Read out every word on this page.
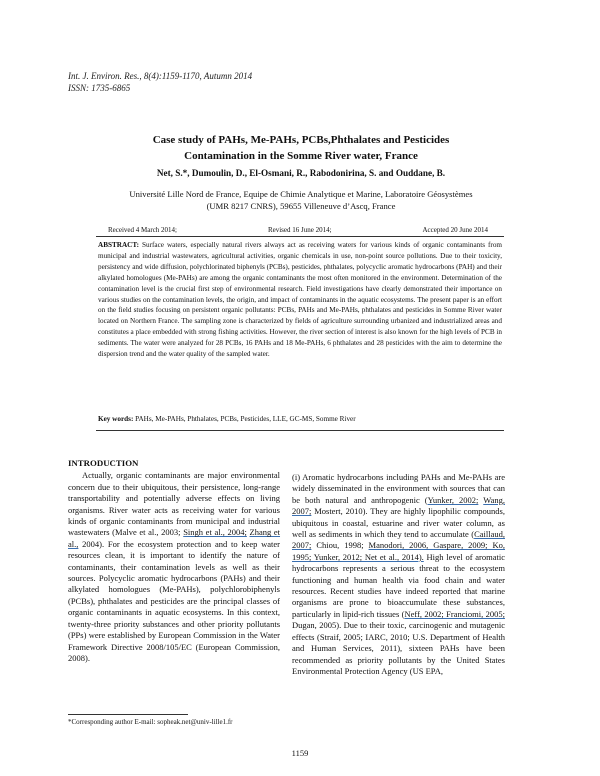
Int. J. Environ. Res., 8(4):1159-1170, Autumn 2014
ISSN: 1735-6865
Case study of PAHs, Me-PAHs, PCBs,Phthalates and Pesticides
Contamination in the Somme River water, France
Net, S.*, Dumoulin, D., El-Osmani, R., Rabodonirina, S. and Ouddane, B.
Université Lille Nord de France, Equipe de Chimie Analytique et Marine, Laboratoire Géosystèmes
(UMR 8217 CNRS), 59655 Villeneuve d’Ascq, France
Received 4 March 2014;	Revised 16 June 2014;	Accepted 20 June 2014
ABSTRACT: Surface waters, especially natural rivers always act as receiving waters for various kinds of organic contaminants from municipal and industrial wastewaters, agricultural activities, organic chemicals in use, non-point source pollutions. Due to their toxicity, persistency and wide diffusion, polychlorinated biphenyls (PCBs), pesticides, phthalates, polycyclic aromatic hydrocarbons (PAH) and their alkylated homologues (Me-PAHs) are among the organic contaminants the most often monitored in the environment. Determination of the contamination level is the crucial first step of environmental research. Field investigations have clearly demonstrated their importance on various studies on the contamination levels, the origin, and impact of contaminants in the aquatic ecosystems. The present paper is an effort on the field studies focusing on persistent organic pollutants: PCBs, PAHs and Me-PAHs, phthalates and pesticides in Somme River water located on Northern France. The sampling zone is characterized by fields of agriculture surrounding urbanized and industrialized areas and constitutes a place embedded with strong fishing activities. However, the river section of interest is also known for the high levels of PCB in sediments. The water were analyzed for 28 PCBs, 16 PAHs and 18 Me-PAHs, 6 phthalates and 28 pesticides with the aim to determine the dispersion trend and the water quality of the sampled water.
Key words: PAHs, Me-PAHs, Phthalates, PCBs, Pesticides, LLE, GC-MS, Somme River
INTRODUCTION
Actually, organic contaminants are major environmental concern due to their ubiquitous, their persistence, long-range transportability and potentially adverse effects on living organisms. River water acts as receiving water for various kinds of organic contaminants from municipal and industrial wastewaters (Malve et al., 2003; Singh et al., 2004; Zhang et al., 2004). For the ecosystem protection and to keep water resources clean, it is important to identify the nature of contaminants, their contamination levels as well as their sources. Polycyclic aromatic hydrocarbons (PAHs) and their alkylated homologues (Me-PAHs), polychlorobiphenyls (PCBs), phthalates and pesticides are the principal classes of organic contaminants in aquatic ecosystems. In this context, twenty-three priority substances and other priority pollutants (PPs) were established by European Commission in the Water Framework Directive 2008/105/EC (European Commission, 2008).
(i) Aromatic hydrocarbons including PAHs and Me-PAHs are widely disseminated in the environment with sources that can be both natural and anthropogenic (Yunker, 2002; Wang, 2007; Mostert, 2010). They are highly lipophilic compounds, ubiquitous in coastal, estuarine and river water column, as well as sediments in which they tend to accumulate (Caillaud, 2007; Chiou, 1998; Manodori, 2006, Gaspare, 2009; Ko, 1995; Yunker, 2012; Net et al., 2014). High level of aromatic hydrocarbons represents a serious threat to the ecosystem functioning and human health via food chain and water resources. Recent studies have indeed reported that marine organisms are prone to bioaccumulate these substances, particularly in lipid-rich tissues (Neff, 2002; Franciomi, 2005; Dugan, 2005). Due to their toxic, carcinogenic and mutagenic effects (Straif, 2005; IARC, 2010; U.S. Department of Health and Human Services, 2011), sixteen PAHs have been recommended as priority pollutants by the United States Environmental Protection Agency (US EPA,
*Corresponding author E-mail: sopheak.net@univ-lille1.fr
1159
